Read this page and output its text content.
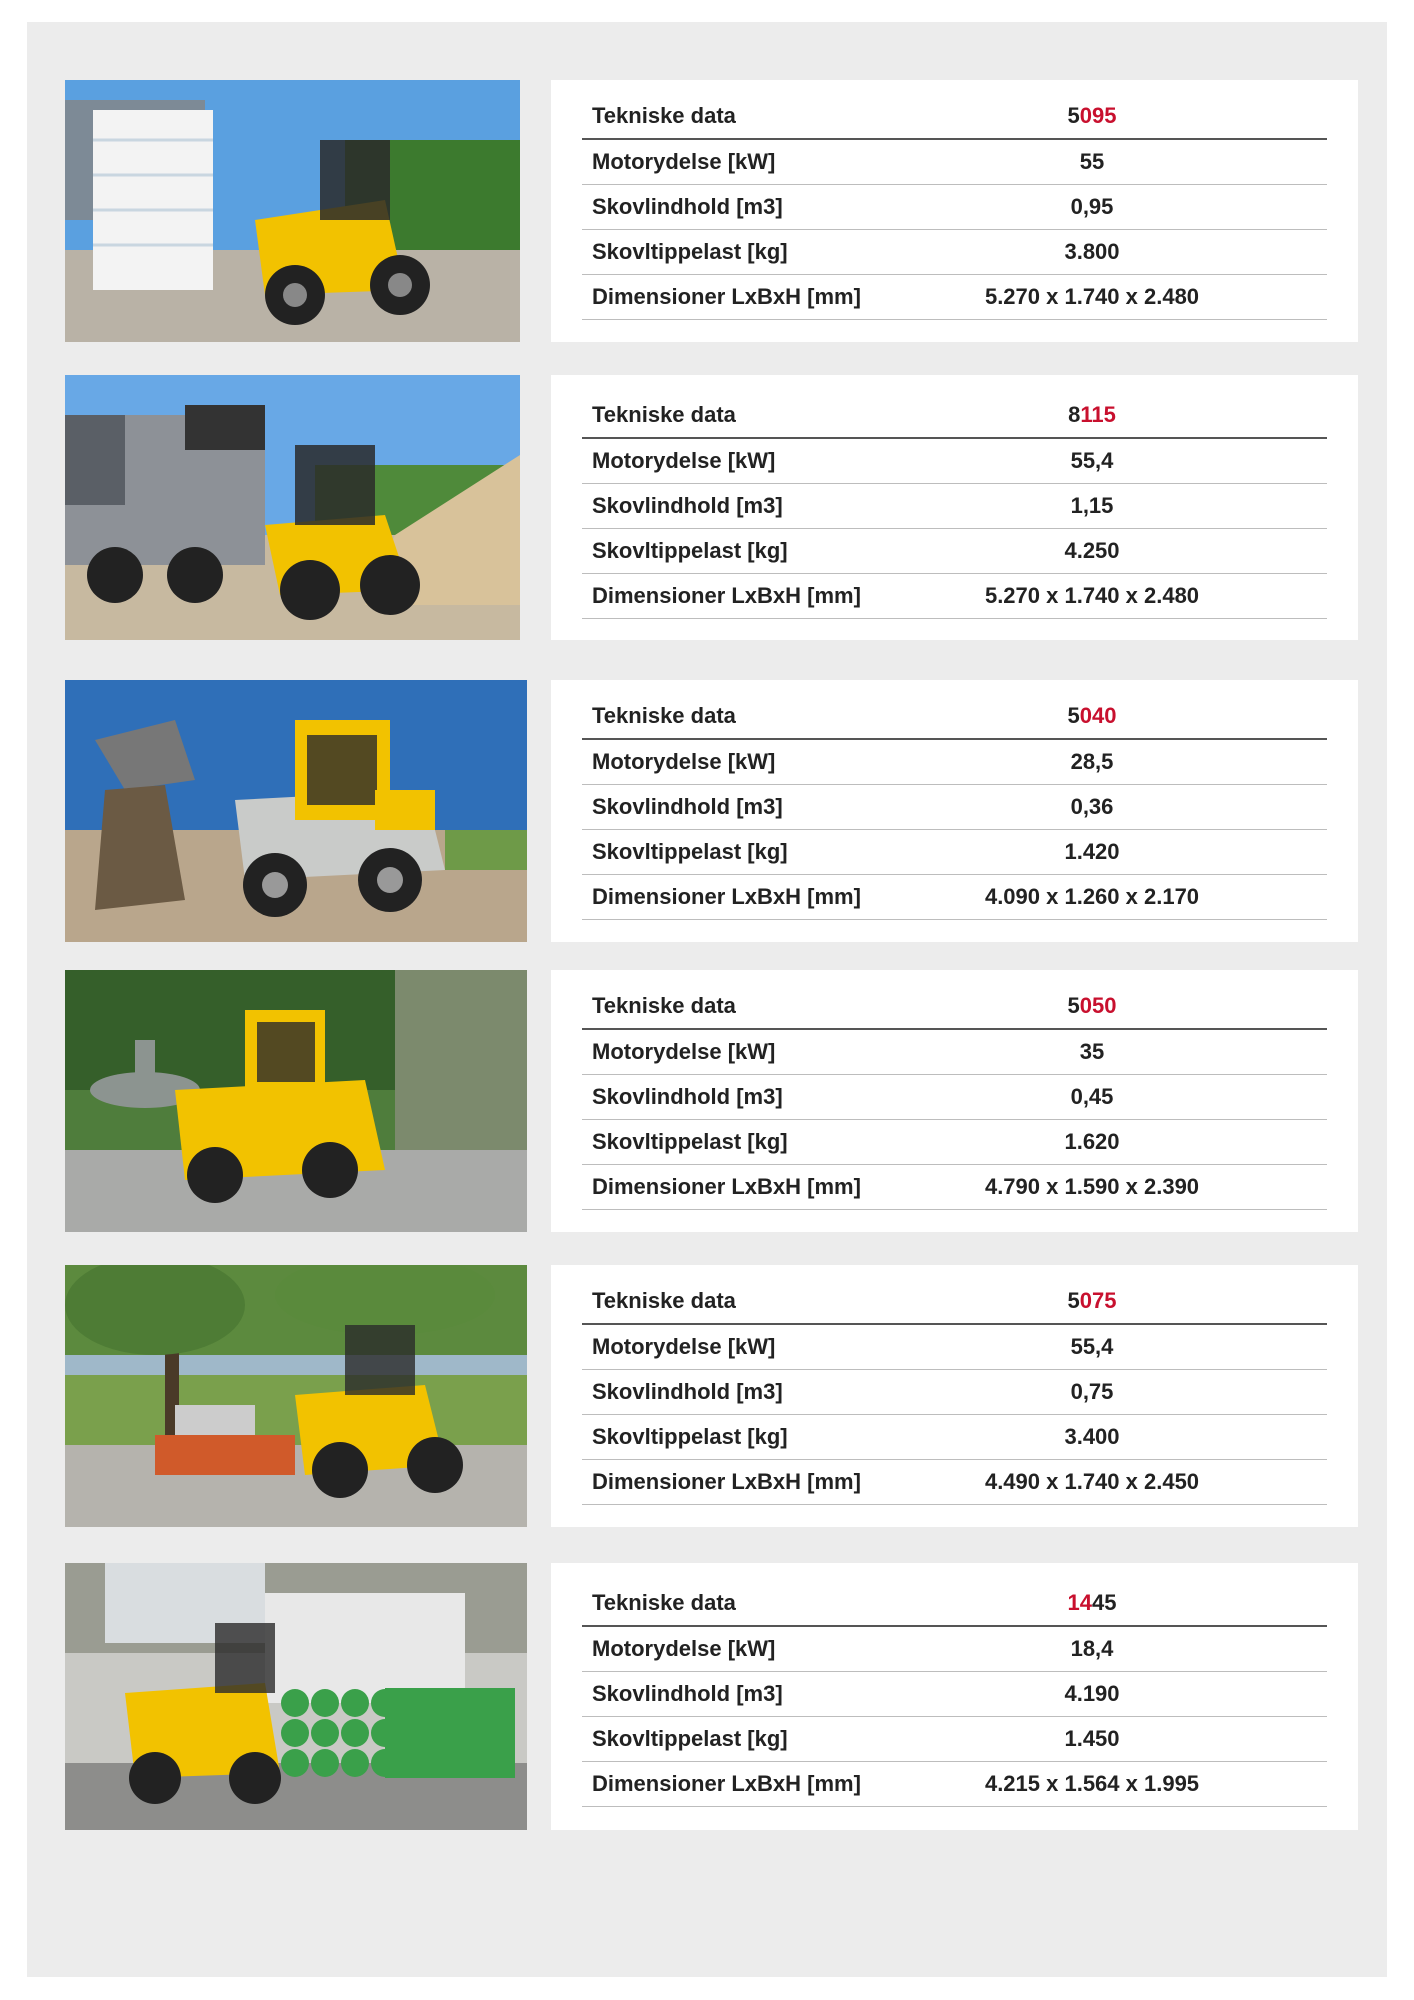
Tekniske data	5095
Motorydelse [kW]	55
Skovlindhold [m3]	0,95
Skovltippelast [kg]	3.800
Dimensioner LxBxH [mm]	5.270 x 1.740 x 2.480
Tekniske data	8115
Motorydelse [kW]	55,4
Skovlindhold [m3]	1,15
Skovltippelast [kg]	4.250
Dimensioner LxBxH [mm]	5.270 x 1.740 x 2.480
Tekniske data	5040
Motorydelse [kW]	28,5
Skovlindhold [m3]	0,36
Skovltippelast [kg]	1.420
Dimensioner LxBxH [mm]	4.090 x 1.260 x 2.170
Tekniske data	5050
Motorydelse [kW]	35
Skovlindhold [m3]	0,45
Skovltippelast [kg]	1.620
Dimensioner LxBxH [mm]	4.790 x 1.590 x 2.390
Tekniske data	5075
Motorydelse [kW]	55,4
Skovlindhold [m3]	0,75
Skovltippelast [kg]	3.400
Dimensioner LxBxH [mm]	4.490 x 1.740 x 2.450
Tekniske data	1445
Motorydelse [kW]	18,4
Skovlindhold [m3]	4.190
Skovltippelast [kg]	1.450
Dimensioner LxBxH [mm]	4.215 x 1.564 x 1.995
